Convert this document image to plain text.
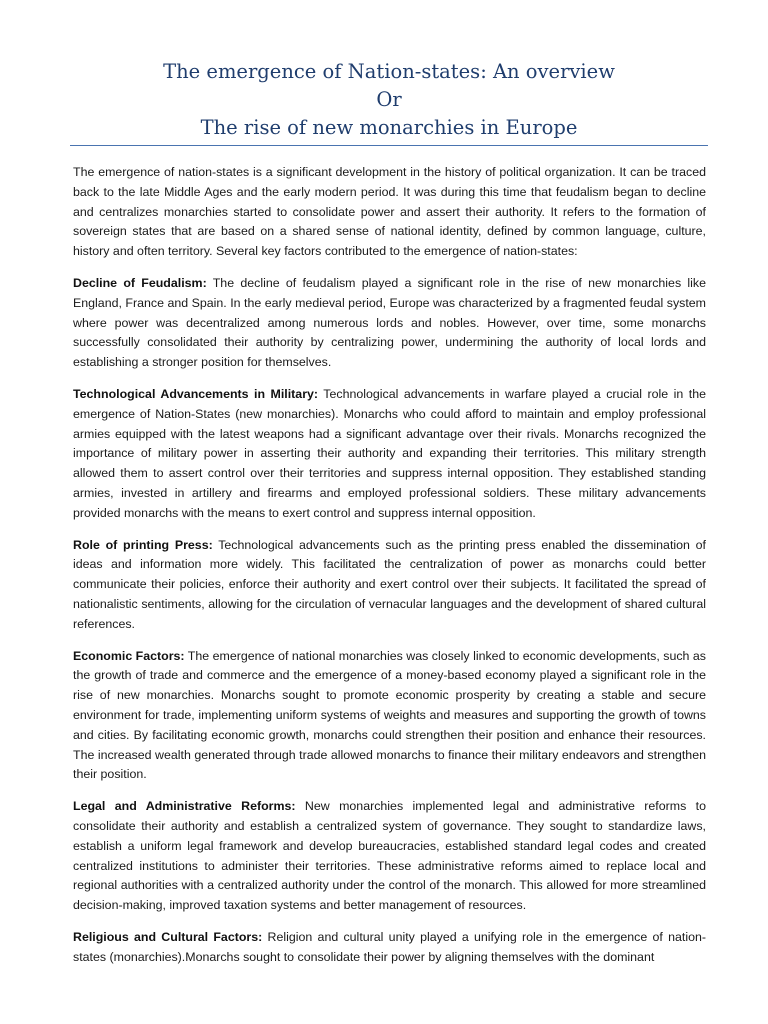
The emergence of Nation-states: An overview
Or
The rise of new monarchies in Europe

The emergence of nation-states is a significant development in the history of political organization. It can be traced back to the late Middle Ages and the early modern period. It was during this time that feudalism began to decline and centralizes monarchies started to consolidate power and assert their authority. It refers to the formation of sovereign states that are based on a shared sense of national identity, defined by common language, culture, history and often territory. Several key factors contributed to the emergence of nation-states:

Decline of Feudalism: The decline of feudalism played a significant role in the rise of new monarchies like England, France and Spain. In the early medieval period, Europe was characterized by a fragmented feudal system where power was decentralized among numerous lords and nobles. However, over time, some monarchs successfully consolidated their authority by centralizing power, undermining the authority of local lords and establishing a stronger position for themselves.

Technological Advancements in Military: Technological advancements in warfare played a crucial role in the emergence of Nation-States (new monarchies). Monarchs who could afford to maintain and employ professional armies equipped with the latest weapons had a significant advantage over their rivals. Monarchs recognized the importance of military power in asserting their authority and expanding their territories. This military strength allowed them to assert control over their territories and suppress internal opposition. They established standing armies, invested in artillery and firearms and employed professional soldiers. These military advancements provided monarchs with the means to exert control and suppress internal opposition.

Role of printing Press: Technological advancements such as the printing press enabled the dissemination of ideas and information more widely. This facilitated the centralization of power as monarchs could better communicate their policies, enforce their authority and exert control over their subjects. It facilitated the spread of nationalistic sentiments, allowing for the circulation of vernacular languages and the development of shared cultural references.

Economic Factors: The emergence of national monarchies was closely linked to economic developments, such as the growth of trade and commerce and the emergence of a money-based economy played a significant role in the rise of new monarchies. Monarchs sought to promote economic prosperity by creating a stable and secure environment for trade, implementing uniform systems of weights and measures and supporting the growth of towns and cities. By facilitating economic growth, monarchs could strengthen their position and enhance their resources. The increased wealth generated through trade allowed monarchs to finance their military endeavors and strengthen their position.

Legal and Administrative Reforms: New monarchies implemented legal and administrative reforms to consolidate their authority and establish a centralized system of governance. They sought to standardize laws, establish a uniform legal framework and develop bureaucracies, established standard legal codes and created centralized institutions to administer their territories. These administrative reforms aimed to replace local and regional authorities with a centralized authority under the control of the monarch. This allowed for more streamlined decision-making, improved taxation systems and better management of resources.

Religious and Cultural Factors: Religion and cultural unity played a unifying role in the emergence of nation-states (monarchies).Monarchs sought to consolidate their power by aligning themselves with the dominant
